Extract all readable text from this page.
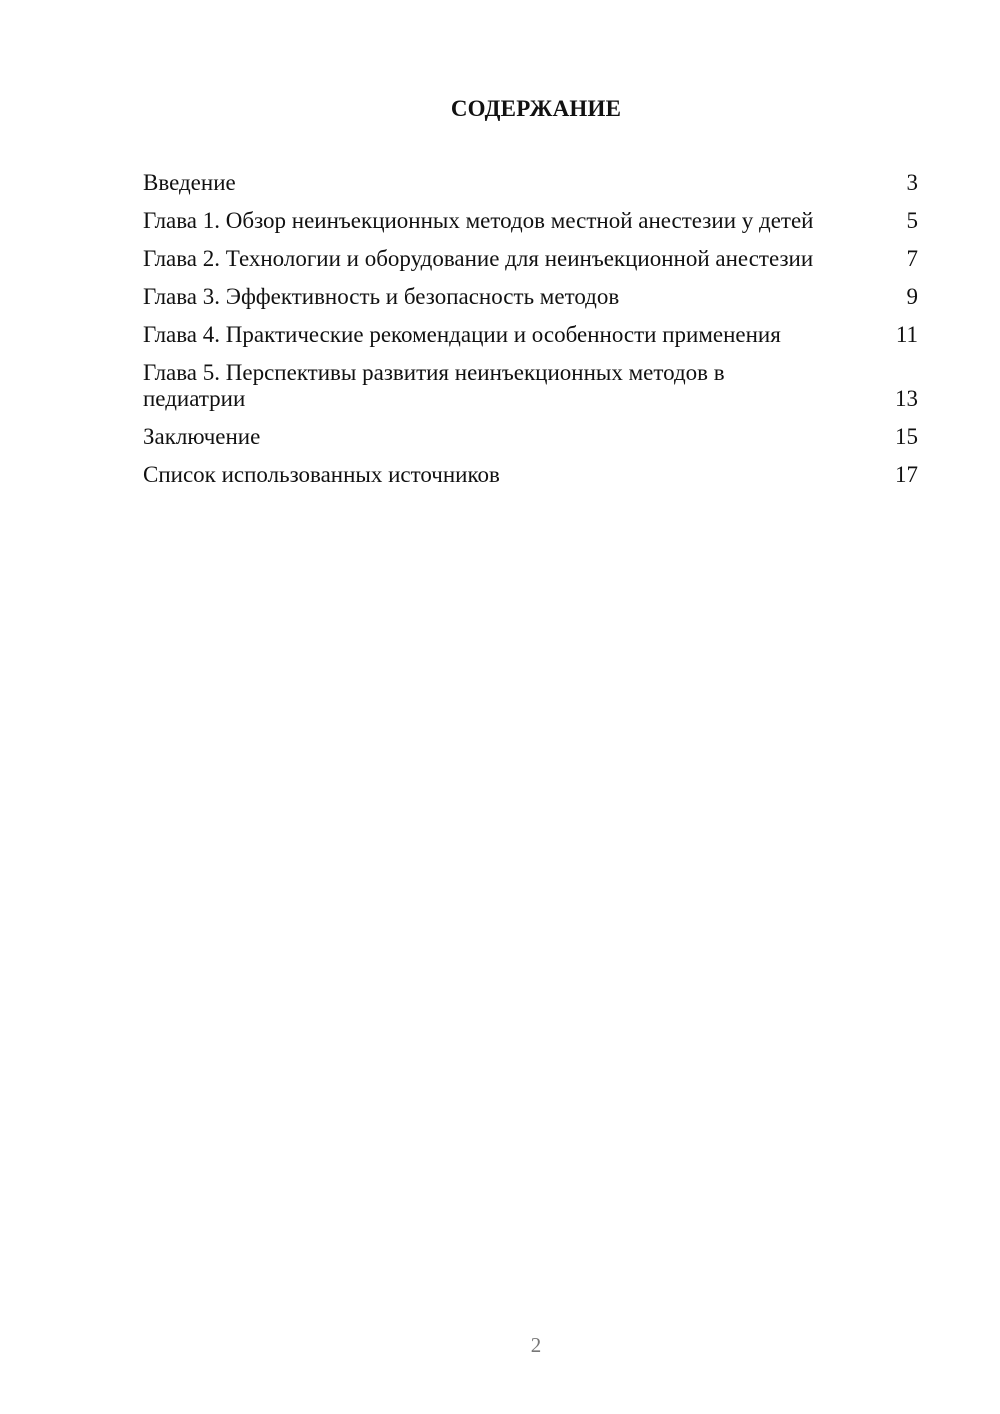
СОДЕРЖАНИЕ
Введение	3
Глава 1. Обзор неинъекционных методов местной анестезии у детей	5
Глава 2. Технологии и оборудование для неинъекционной анестезии	7
Глава 3. Эффективность и безопасность методов	9
Глава 4. Практические рекомендации и особенности применения	11
Глава 5. Перспективы развития неинъекционных методов в педиатрии	13
Заключение	15
Список использованных источников	17
2
